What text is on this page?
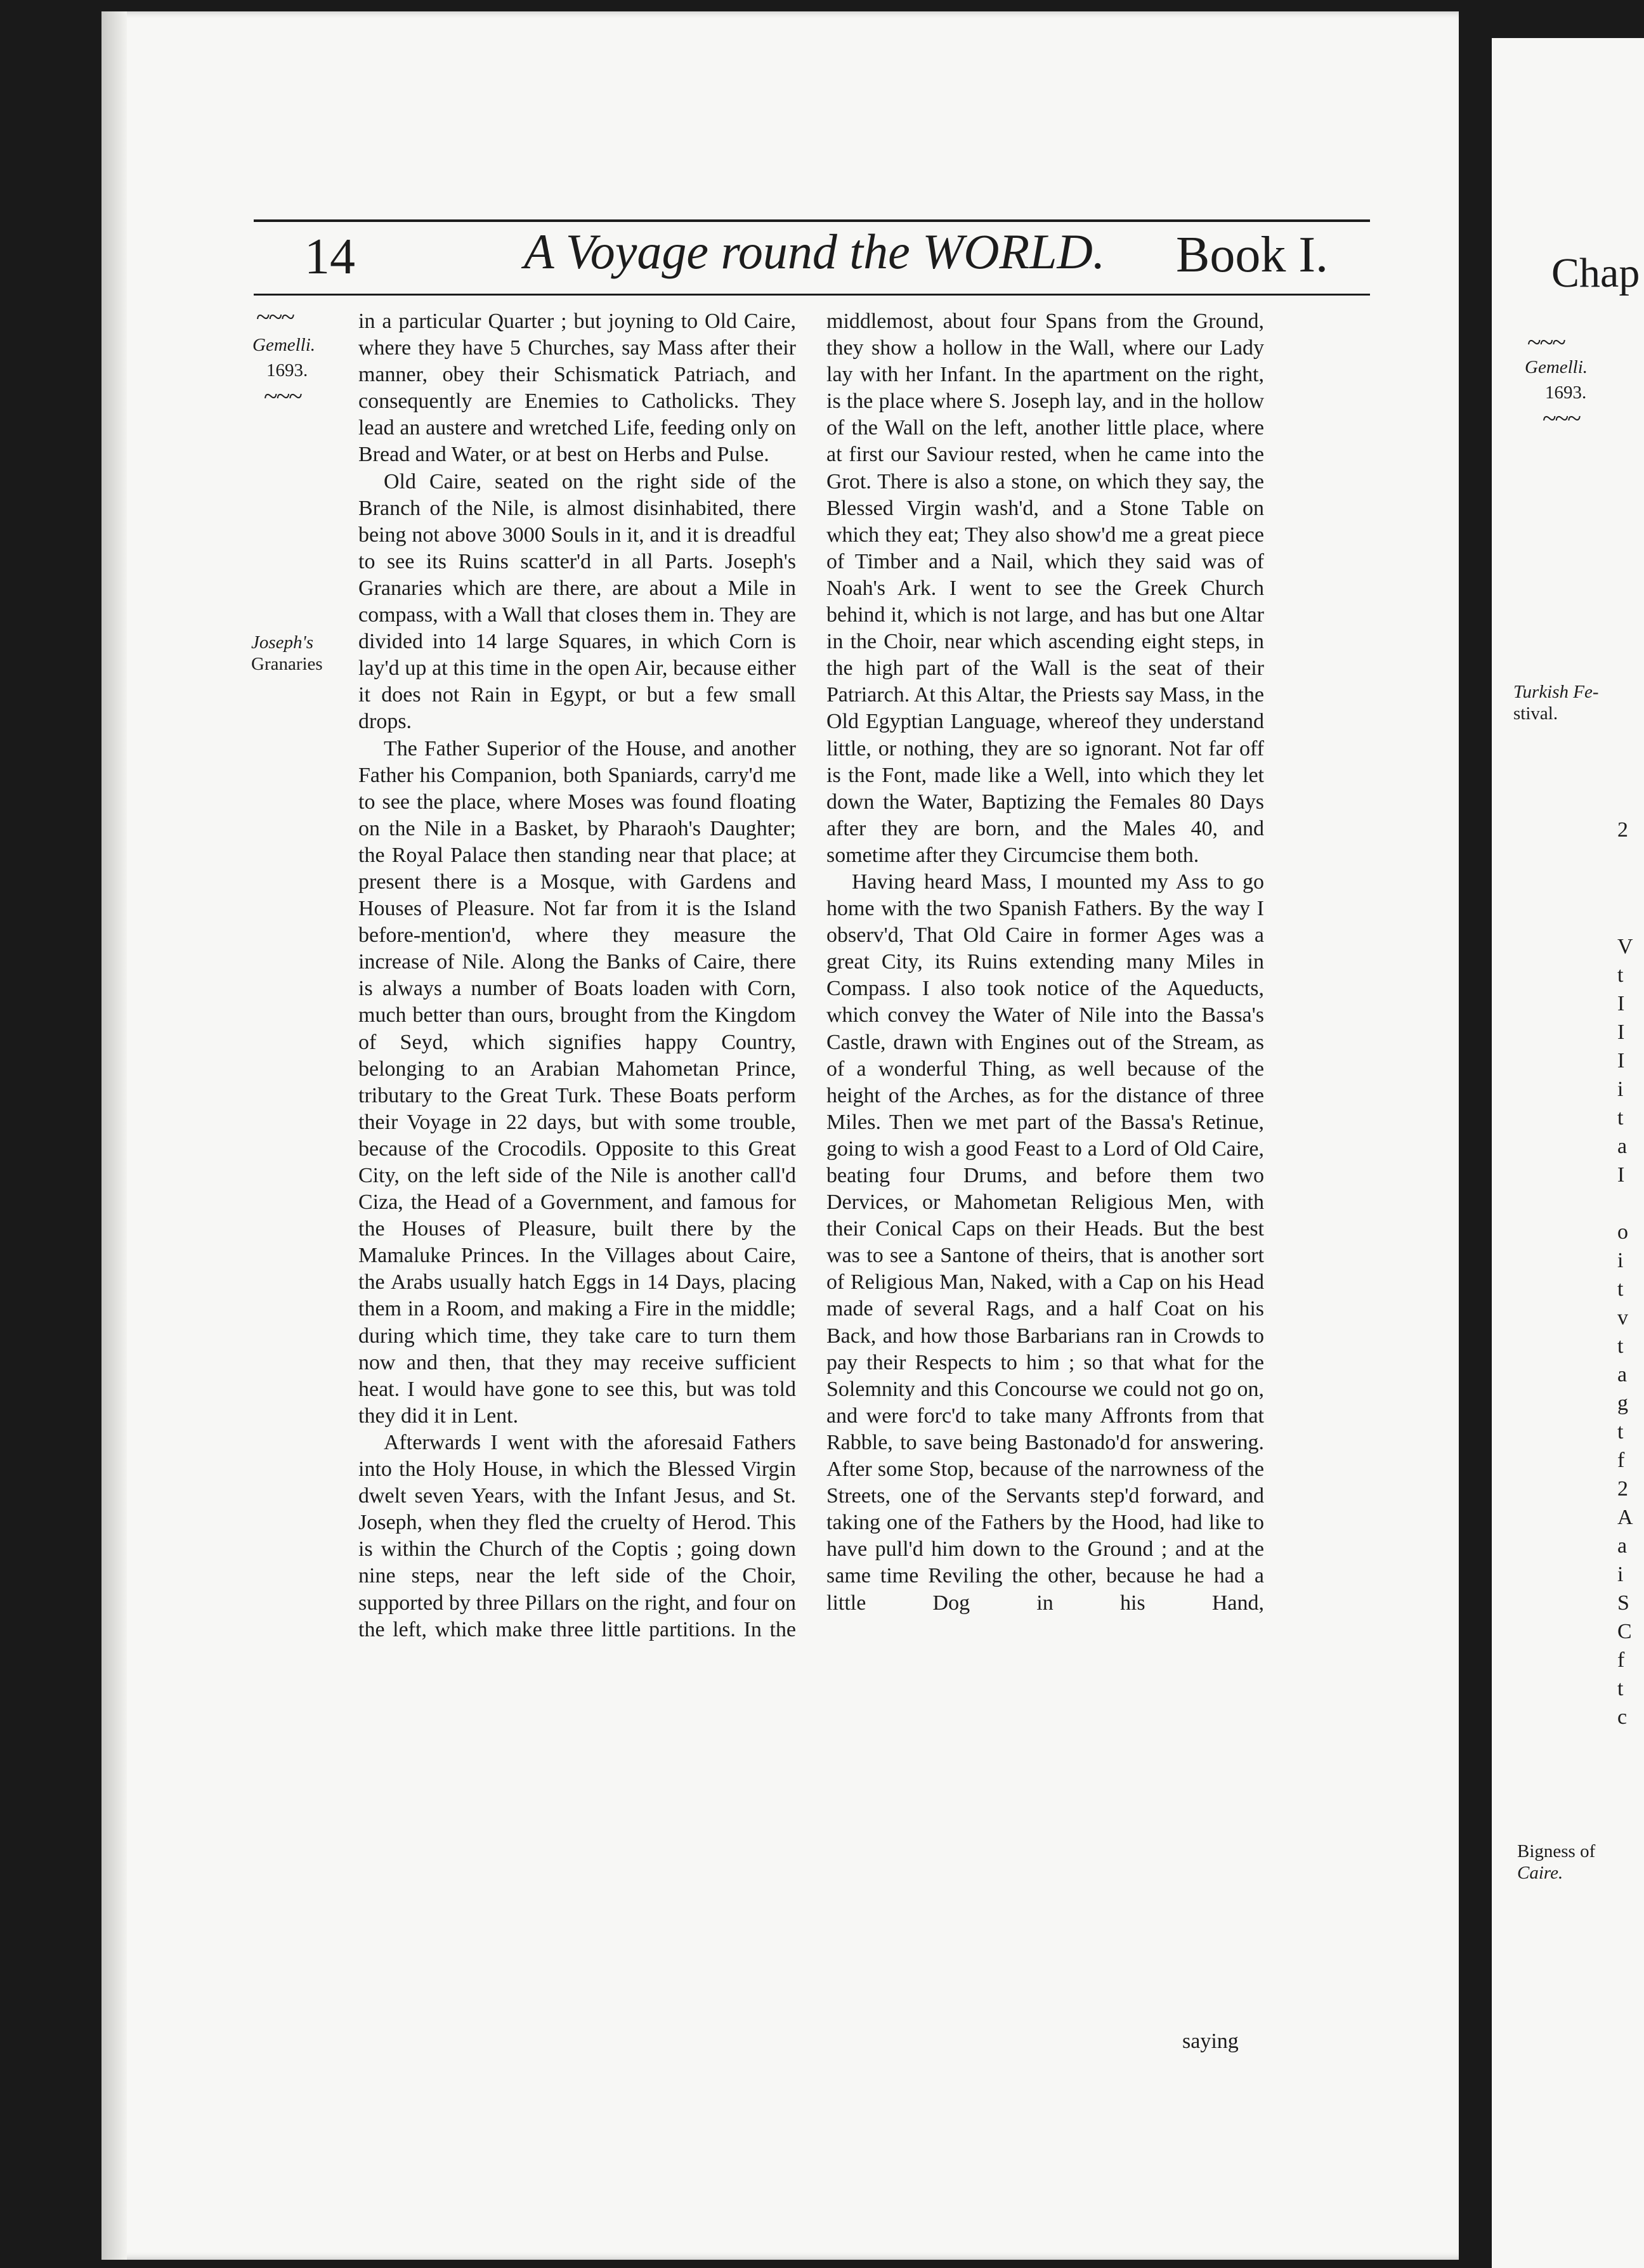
14	A Voyage round the WORLD. Book I.
~~~
Gemelli.
1693.
~~~
Joseph's
Granaries

in a particular Quarter ; but joyning to Old Caire, where they have 5 Churches, say Mass after their manner, obey their Schismatick Patriach, and consequently are Enemies to Catholicks. They lead an austere and wretched Life, feeding only on Bread and Water, or at best on Herbs and Pulse.

Old Caire, seated on the right side of the Branch of the Nile, is almost disinhabited, there being not above 3000 Souls in it, and it is dreadful to see its Ruins scatter'd in all Parts. Joseph's Granaries which are there, are about a Mile in compass, with a Wall that closes them in. They are divided into 14 large Squares, in which Corn is lay'd up at this time in the open Air, because either it does not Rain in Egypt, or but a few small drops.

The Father Superior of the House, and another Father his Companion, both Spaniards, carry'd me to see the place, where Moses was found floating on the Nile in a Basket, by Pharaoh's Daughter; the Royal Palace then standing near that place; at present there is a Mosque, with Gardens and Houses of Pleasure. Not far from it is the Island before-mention'd, where they measure the increase of Nile. Along the Banks of Caire, there is always a number of Boats loaden with Corn, much better than ours, brought from the Kingdom of Seyd, which signifies happy Country, belonging to an Arabian Mahometan Prince, tributary to the Great Turk. These Boats perform their Voyage in 22 days, but with some trouble, because of the Crocodils. Opposite to this Great City, on the left side of the Nile is another call'd Ciza, the Head of a Government, and famous for the Houses of Pleasure, built there by the Mamaluke Princes. In the Villages about Caire, the Arabs usually hatch Eggs in 14 Days, placing them in a Room, and making a Fire in the middle; during which time, they take care to turn them now and then, that they may receive sufficient heat. I would have gone to see this, but was told they did it in Lent.

Afterwards I went with the aforesaid Fathers into the Holy House, in which the Blessed Virgin dwelt seven Years, with the Infant Jesus, and St. Joseph, when they fled the cruelty of Herod. This is within the Church of the Coptis ; going down nine steps, near the left side of the Choir, supported by three Pillars on the right, and four on the left, which make three little partitions. In the

middlemost, about four Spans from the Ground, they show a hollow in the Wall, where our Lady lay with her Infant. In the apartment on the right, is the place where S. Joseph lay, and in the hollow of the Wall on the left, another little place, where at first our Saviour rested, when he came into the Grot. There is also a stone, on which they say, the Blessed Virgin wash'd, and a Stone Table on which they eat; They also show'd me a great piece of Timber and a Nail, which they said was of Noah's Ark. I went to see the Greek Church behind it, which is not large, and has but one Altar in the Choir, near which ascending eight steps, in the high part of the Wall is the seat of their Patriarch. At this Altar, the Priests say Mass, in the Old Egyptian Language, whereof they understand little, or nothing, they are so ignorant. Not far off is the Font, made like a Well, into which they let down the Water, Baptizing the Females 80 Days after they are born, and the Males 40, and sometime after they Circumcise them both.

Having heard Mass, I mounted my Ass to go home with the two Spanish Fathers. By the way I observ'd, That Old Caire in former Ages was a great City, its Ruins extending many Miles in Compass. I also took notice of the Aqueducts, which convey the Water of Nile into the Bassa's Castle, drawn with Engines out of the Stream, as of a wonderful Thing, as well because of the height of the Arches, as for the distance of three Miles. Then we met part of the Bassa's Retinue, going to wish a good Feast to a Lord of Old Caire, beating four Drums, and before them two Dervices, or Mahometan Religious Men, with their Conical Caps on their Heads. But the best was to see a Santone of theirs, that is another sort of Religious Man, Naked, with a Cap on his Head made of several Rags, and a half Coat on his Back, and how those Barbarians ran in Crowds to pay their Respects to him ; so that what for the Solemnity and this Concourse we could not go on, and were forc'd to take many Affronts from that Rabble, to save being Bastonado'd for answering. After some Stop, because of the narrowness of the Streets, one of the Servants step'd forward, and taking one of the Fathers by the Hood, had like to have pull'd him down to the Ground ; and at the same time Reviling the other, because he had a little Dog in his Hand,

saying
Chap
~~~
Gemelli.
1693.
~~~
Turkish Fe-
stival.
Bigness of
Caire.
V
t
I
I
I
i
t
a
I
o
i
t
v
t
a
g
t
f
2
A
a
i
S
C
f
t
c
2
